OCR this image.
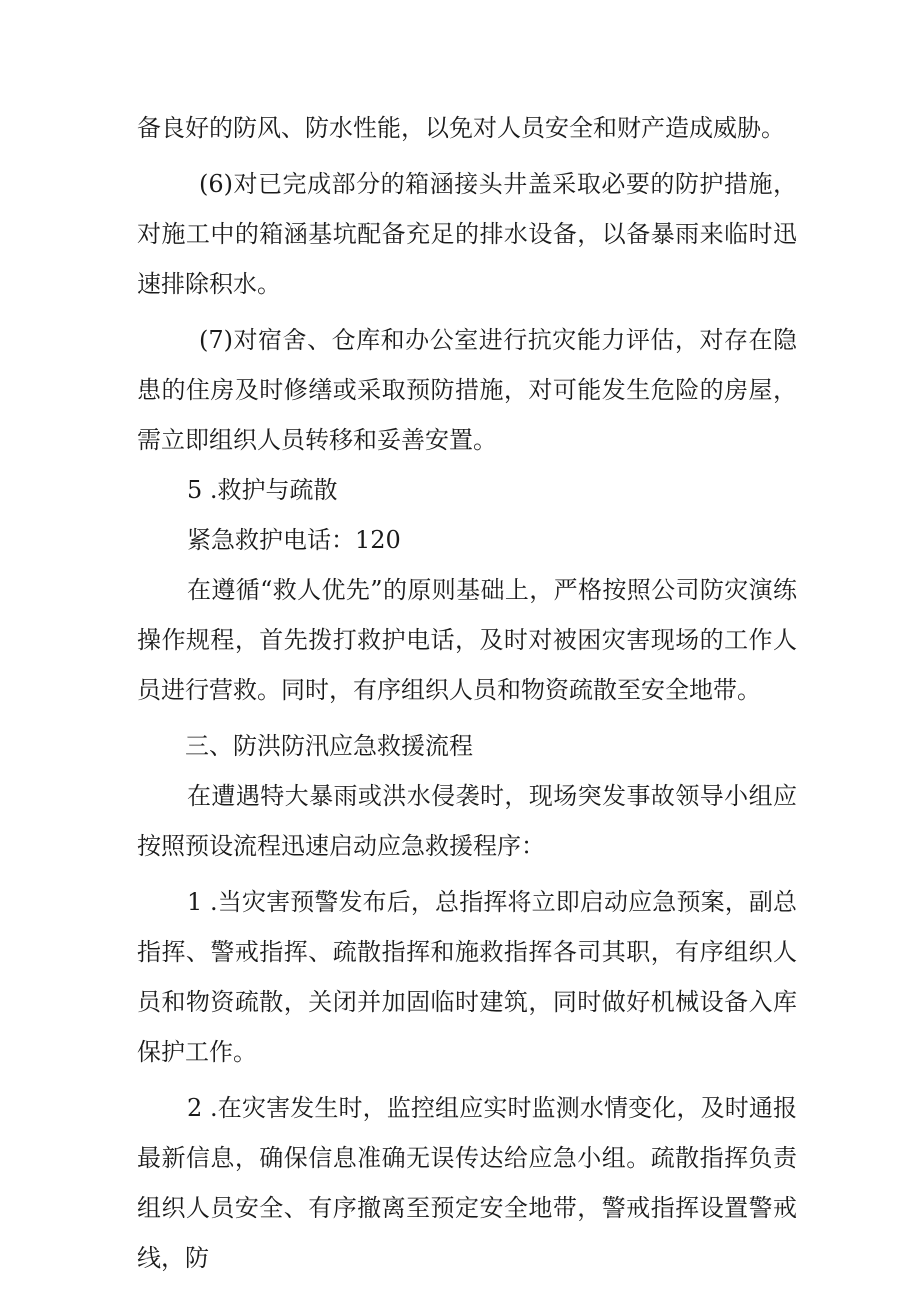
备良好的防风、防水性能，以免对人员安全和财产造成威胁。

(6)对已完成部分的箱涵接头井盖采取必要的防护措施，对施工中的箱涵基坑配备充足的排水设备，以备暴雨来临时迅速排除积水。

(7)对宿舍、仓库和办公室进行抗灾能力评估，对存在隐患的住房及时修缮或采取预防措施，对可能发生危险的房屋，需立即组织人员转移和妥善安置。

5 .救护与疏散

紧急救护电话：120

在遵循“救人优先”的原则基础上，严格按照公司防灾演练操作规程，首先拨打救护电话，及时对被困灾害现场的工作人员进行营救。同时，有序组织人员和物资疏散至安全地带。

三、防洪防汛应急救援流程

在遭遇特大暴雨或洪水侵袭时，现场突发事故领导小组应按照预设流程迅速启动应急救援程序：

1 .当灾害预警发布后，总指挥将立即启动应急预案，副总指挥、警戒指挥、疏散指挥和施救指挥各司其职，有序组织人员和物资疏散，关闭并加固临时建筑，同时做好机械设备入库保护工作。

2 .在灾害发生时，监控组应实时监测水情变化，及时通报最新信息，确保信息准确无误传达给应急小组。疏散指挥负责组织人员安全、有序撤离至预定安全地带，警戒指挥设置警戒线，防
